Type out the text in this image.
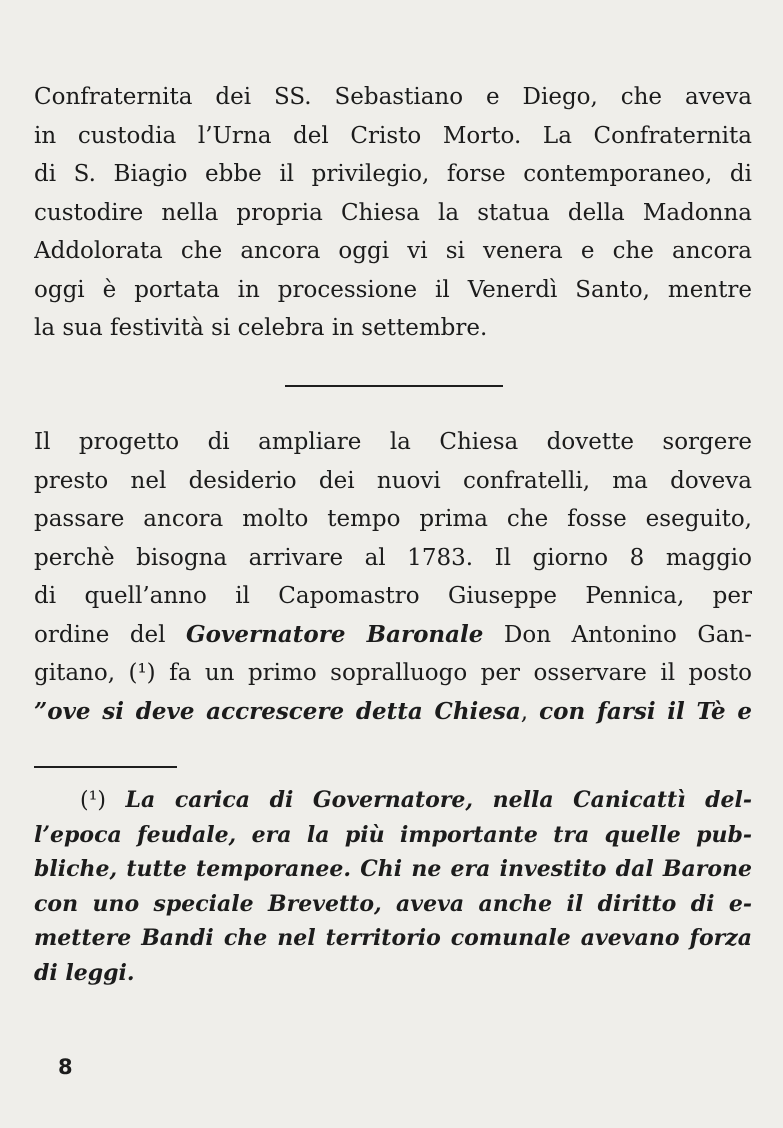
Confraternita dei SS. Sebastiano e Diego, che aveva
in custodia l’Urna del Cristo Morto. La Confraternita
di S. Biagio ebbe il privilegio, forse contemporaneo, di
custodire nella propria Chiesa la statua della Madonna
Addolorata che ancora oggi vi si venera e che ancora
oggi è portata in processione il Venerdì Santo, mentre
la sua festività si celebra in settembre.
Il progetto di ampliare la Chiesa dovette sorgere
presto nel desiderio dei nuovi confratelli, ma doveva
passare ancora molto tempo prima che fosse eseguito,
perchè bisogna arrivare al 1783. Il giorno 8 maggio
di quell’anno il Capomastro Giuseppe Pennica, per
ordine del Governatore Baronale Don Antonino Gan-
gitano, (¹) fa un primo sopralluogo per osservare il posto
”ove si deve accrescere detta Chiesa, con farsi il Tè e
(¹) La carica di Governatore, nella Canicattì del-
l’epoca feudale, era la più importante tra quelle pub-
bliche, tutte temporanee. Chi ne era investito dal Barone
con uno speciale Brevetto, aveva anche il diritto di e-
mettere Bandi che nel territorio comunale avevano forza
di leggi.
8
